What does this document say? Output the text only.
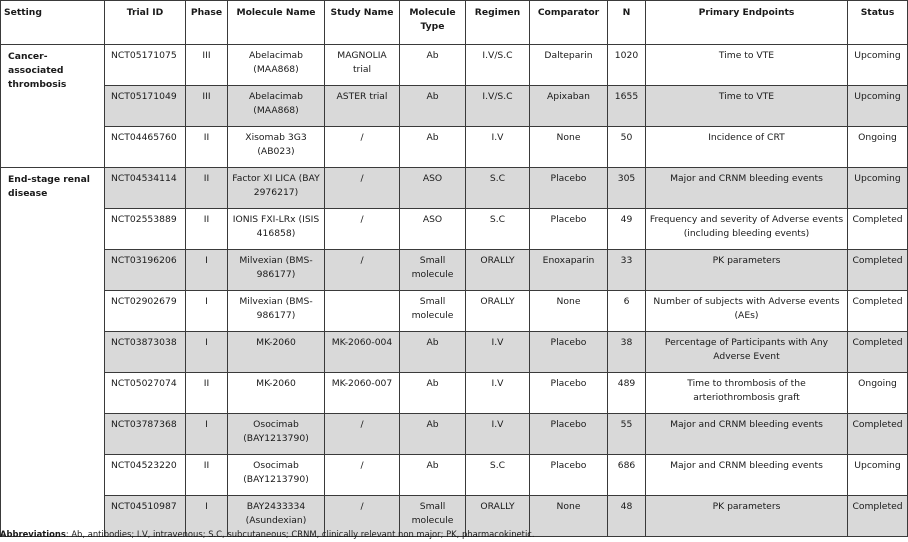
Setting	Trial ID	Phase	Molecule Name	Study Name	Molecule Type	Regimen	Comparator	N	Primary Endpoints	Status
Cancer-associated thrombosis	NCT05171075	III	Abelacimab (MAA868)	MAGNOLIA trial	Ab	I.V/S.C	Dalteparin	1020	Time to VTE	Upcoming
	NCT05171049	III	Abelacimab (MAA868)	ASTER trial	Ab	I.V/S.C	Apixaban	1655	Time to VTE	Upcoming
	NCT04465760	II	Xisomab 3G3 (AB023)	/	Ab	I.V	None	50	Incidence of CRT	Ongoing
End-stage renal disease	NCT04534114	II	Factor XI LICA (BAY 2976217)	/	ASO	S.C	Placebo	305	Major and CRNM bleeding events	Upcoming
	NCT02553889	II	IONIS FXI-LRx (ISIS 416858)	/	ASO	S.C	Placebo	49	Frequency and severity of Adverse events (including bleeding events)	Completed
	NCT03196206	I	Milvexian (BMS-986177)	/	Small molecule	ORALLY	Enoxaparin	33	PK parameters	Completed
	NCT02902679	I	Milvexian (BMS-986177)		Small molecule	ORALLY	None	6	Number of subjects with Adverse events (AEs)	Completed
	NCT03873038	I	MK-2060	MK-2060-004	Ab	I.V	Placebo	38	Percentage of Participants with Any Adverse Event	Completed
	NCT05027074	II	MK-2060	MK-2060-007	Ab	I.V	Placebo	489	Time to thrombosis of the arteriothrombosis graft	Ongoing
	NCT03787368	I	Osocimab (BAY1213790)	/	Ab	I.V	Placebo	55	Major and CRNM bleeding events	Completed
	NCT04523220	II	Osocimab (BAY1213790)	/	Ab	S.C	Placebo	686	Major and CRNM bleeding events	Upcoming
	NCT04510987	I	BAY2433334 (Asundexian)	/	Small molecule	ORALLY	None	48	PK parameters	Completed
Abbreviations: Ab, antibodies; I.V, intravenous; S.C, subcutaneous; CRNM, clinically relevant non major; PK, pharmacokinetic.
